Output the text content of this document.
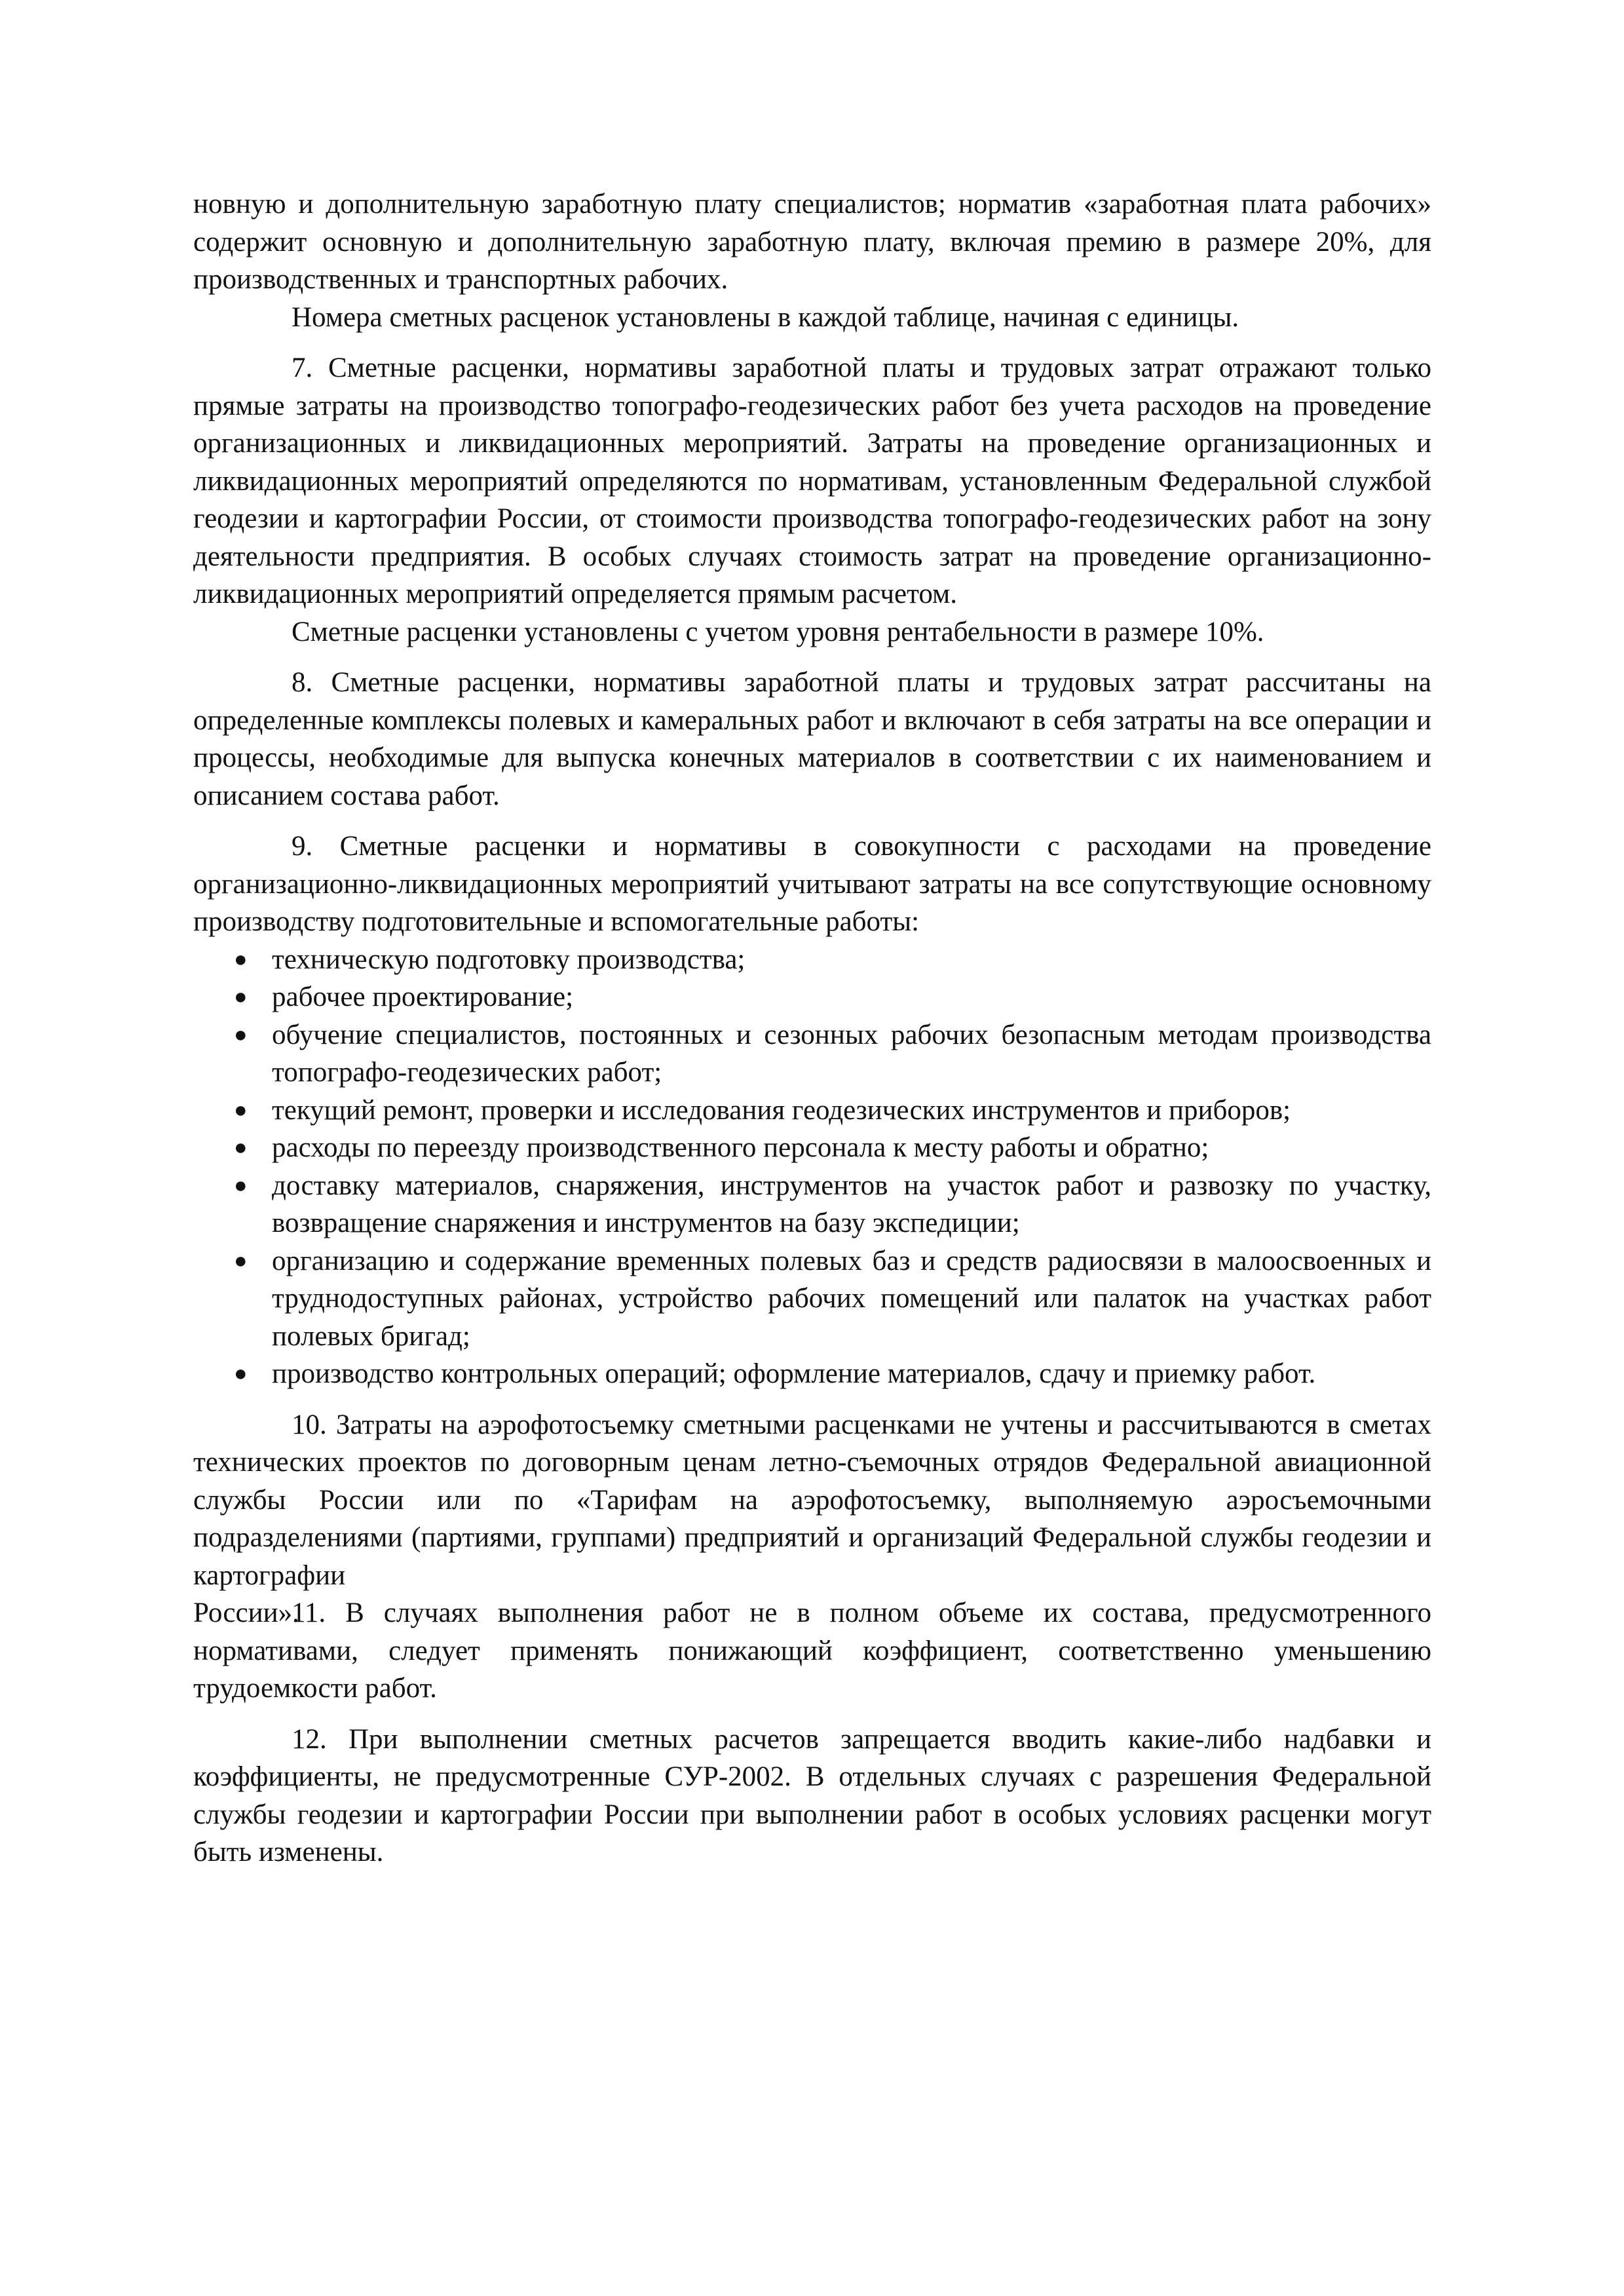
новную и дополнительную заработную плату специалистов; норматив «заработная плата рабочих» содержит основную и дополнительную заработную плату, включая премию в размере 20%, для производственных и транспортных рабочих.

Номера сметных расценок установлены в каждой таблице, начиная с единицы.

7. Сметные расценки, нормативы заработной платы и трудовых затрат отражают только прямые затраты на производство топографо-геодезических работ без учета расходов на проведение организационных и ликвидационных мероприятий. Затраты на проведение организационных и ликвидационных мероприятий определяются по нормативам, установленным Федеральной службой геодезии и картографии России, от стоимости производства топографо-геодезических работ на зону деятельности предприятия. В особых случаях стоимость затрат на проведение организационно-ликвидационных мероприятий определяется прямым расчетом.

Сметные расценки установлены с учетом уровня рентабельности в размере 10%.

8. Сметные расценки, нормативы заработной платы и трудовых затрат рассчитаны на определенные комплексы полевых и камеральных работ и включают в себя затраты на все операции и процессы, необходимые для выпуска конечных материалов в соответствии с их наименованием и описанием состава работ.

9. Сметные расценки и нормативы в совокупности с расходами на проведение организационно-ликвидационных мероприятий учитывают затраты на все сопутствующие основному производству подготовительные и вспомогательные работы:

● техническую подготовку производства;
● рабочее проектирование;
● обучение специалистов, постоянных и сезонных рабочих безопасным методам производства топографо-геодезических работ;
● текущий ремонт, проверки и исследования геодезических инструментов и приборов;
● расходы по переезду производственного персонала к месту работы и обратно;
● доставку материалов, снаряжения, инструментов на участок работ и развозку по участку, возвращение снаряжения и инструментов на базу экспедиции;
● организацию и содержание временных полевых баз и средств радиосвязи в малоосвоенных и труднодоступных районах, устройство рабочих помещений или палаток на участках работ полевых бригад;
● производство контрольных операций; оформление материалов, сдачу и приемку работ.

10. Затраты на аэрофотосъемку сметными расценками не учтены и рассчитываются в сметах технических проектов по договорным ценам летно-съемочных отрядов Федеральной авиационной службы России или по «Тарифам на аэрофотосъемку, выполняемую аэросъемочными подразделениями (партиями, группами) предприятий и организаций Федеральной службы геодезии и картографии

11. В случаях выполнения работ не в полном объеме их состава, предусмотренного нормативами, следует применять понижающий коэффициент, соответственно уменьшению трудоемкости работ.

России».

12. При выполнении сметных расчетов запрещается вводить какие-либо надбавки и коэффициенты, не предусмотренные СУР-2002. В отдельных случаях с разрешения Федеральной службы геодезии и картографии России при выполнении работ в особых условиях расценки могут быть изменены.
